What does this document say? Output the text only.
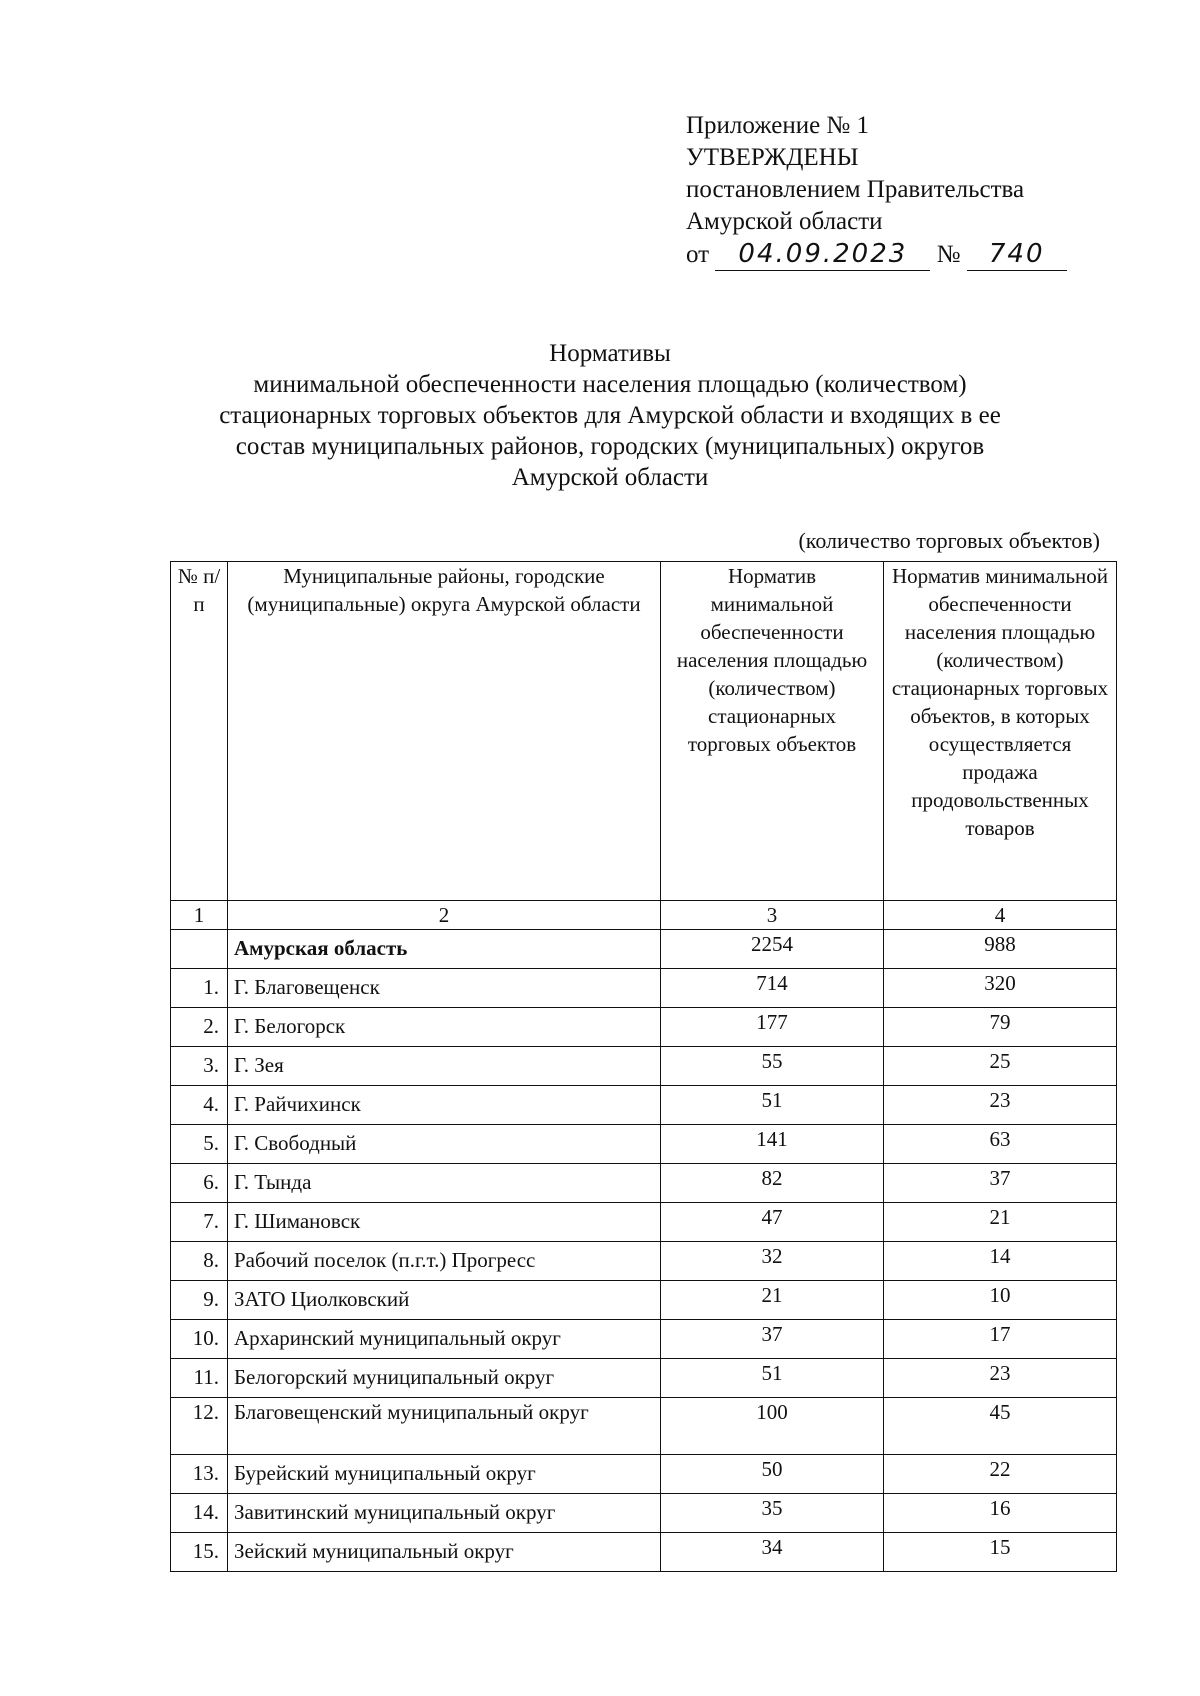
Приложение № 1
УТВЕРЖДЕНЫ
постановлением Правительства
Амурской области
от 04.09.2023 № 740
Нормативы
минимальной обеспеченности населения площадью (количеством)
стационарных торговых объектов для Амурской области и входящих в ее
состав муниципальных районов, городских (муниципальных) округов
Амурской области
(количество торговых объектов)
№ п/п	Муниципальные районы, городские (муниципальные) округа Амурской области	Норматив минимальной обеспеченности населения площадью (количеством) стационарных торговых объектов	Норматив минимальной обеспеченности населения площадью (количеством) стационарных торговых объектов, в которых осуществляется продажа продовольственных товаров
1	2	3	4
	Амурская область	2254	988
1.	Г. Благовещенск	714	320
2.	Г. Белогорск	177	79
3.	Г. Зея	55	25
4.	Г. Райчихинск	51	23
5.	Г. Свободный	141	63
6.	Г. Тында	82	37
7.	Г. Шимановск	47	21
8.	Рабочий поселок (п.г.т.) Прогресс	32	14
9.	ЗАТО Циолковский	21	10
10.	Архаринский муниципальный округ	37	17
11.	Белогорский муниципальный округ	51	23
12.	Благовещенский муниципальный округ	100	45
13.	Бурейский муниципальный округ	50	22
14.	Завитинский муниципальный округ	35	16
15.	Зейский муниципальный округ	34	15
